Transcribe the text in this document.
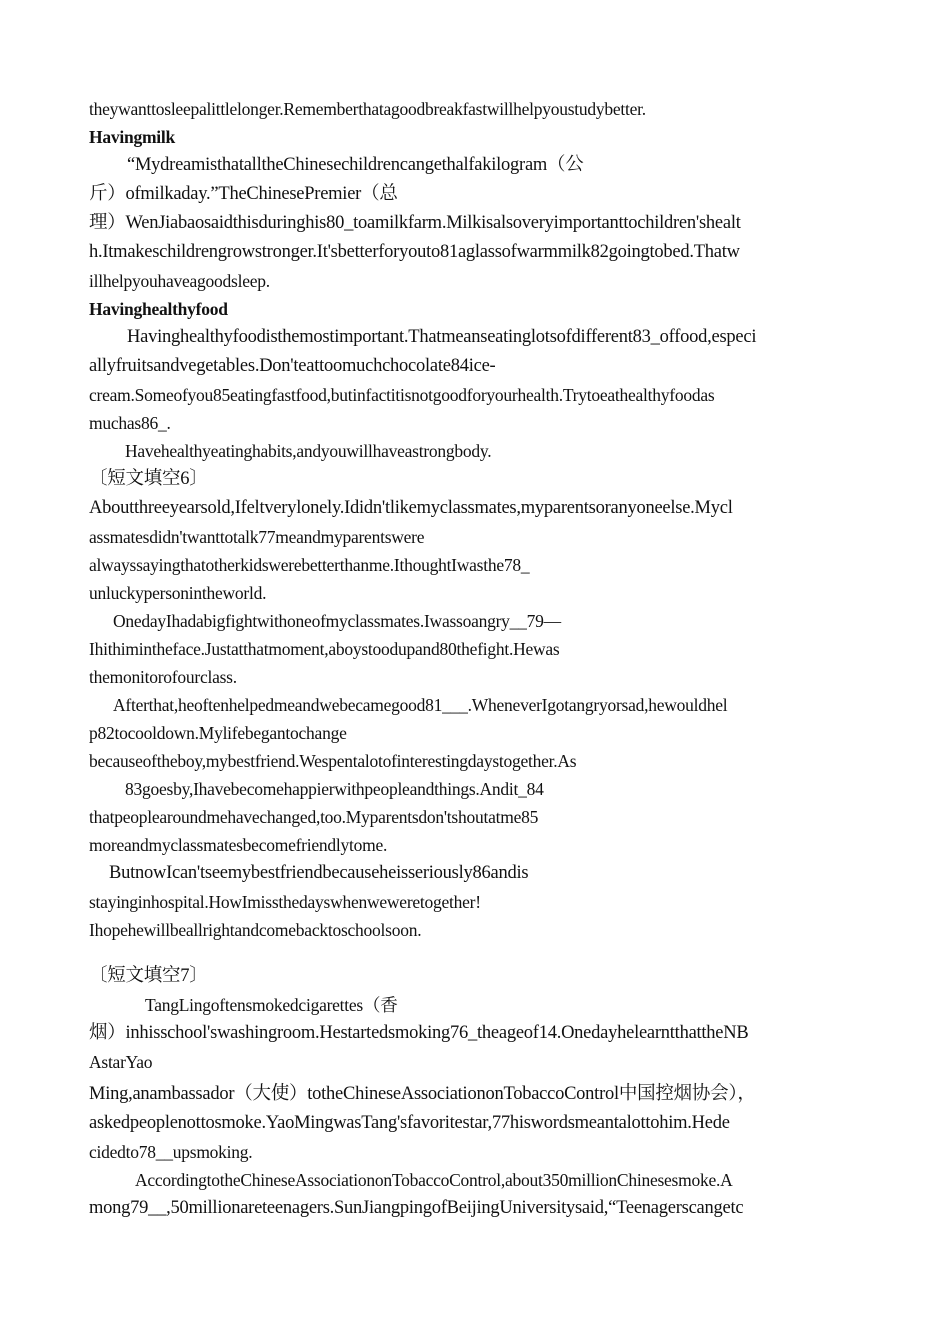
theywanttosleepalittlelonger.Rememberthatagoodbreakfastwillhelpyoustudybetter.

Havingmilk

“MydreamisthatalltheChinesechildrencangethalfakilogram（公

斤）ofmilkaday.”TheChinesePremier（总

理）WenJiabaosaidthisduringhis80_toamilkfarm.Milkisalsoveryimportanttochildren'shealt

h.Itmakeschildrengrowstronger.It'sbetterforyouto81aglassofwarmmilk82goingtobed.Thatw

illhelpyouhaveagoodsleep.

Havinghealthyfood

Havinghealthyfoodisthemostimportant.Thatmeanseatinglotsofdifferent83_offood,especi

allyfruitsandvegetables.Don'teattoomuchchocolate84ice-

cream.Someofyou85eatingfastfood,butinfactitisnotgoodforyourhealth.Trytoeathealthyfoodas

muchas86_.

Havehealthyeatinghabits,andyouwillhaveastrongbody.

〔短文填空6〕

Aboutthreeyearsold,Ifeltverylonely.Ididn'tlikemyclassmates,myparentsoranyoneelse.Mycl

assmatesdidn'twanttotalk77meandmyparentswere

alwayssayingthatotherkidswerebetterthanme.IthoughtIwasthe78_

unluckypersonintheworld.

OnedayIhadabigfightwithoneofmyclassmates.Iwassoangry__79—

Ihithimintheface.Justatthatmoment,aboystoodupand80thefight.Hewas

themonitorofourclass.

Afterthat,heoftenhelpedmeandwebecamegood81___.WheneverIgotangryorsad,hewouldhel

p82tocooldown.Mylifebegantochange

becauseoftheboy,mybestfriend.Wespentalotofinterestingdaystogether.As

83goesby,Ihavebecomehappierwithpeopleandthings.Andit_84

thatpeoplearoundmehavechanged,too.Myparentsdon'tshoutatme85

moreandmyclassmatesbecomefriendlytome.

ButnowIcan'tseemybestfriendbecauseheisseriously86andis

stayinginhospital.HowImissthedayswhenweweretogether!

Ihopehewillbeallrightandcomebacktoschoolsoon.

〔短文填空7〕

TangLingoftensmokedcigarettes（香

烟）inhisschool'swashingroom.Hestartedsmoking76_theageof14.OnedayhelearntthattheNB

AstarYao

Ming,anambassador（大使）totheChineseAssociationonTobaccoControl中国控烟协会），

askedpeoplenottosmoke.YaoMingwasTang'sfavoritestar,77hiswordsmeantalottohim.Hede

cidedto78__upsmoking.

AccordingtotheChineseAssociationonTobaccoControl,about350millionChinesesmoke.A

mong79__,50millionareteenagers.SunJiangpingofBeijingUniversitysaid,“Teenagerscangetc
